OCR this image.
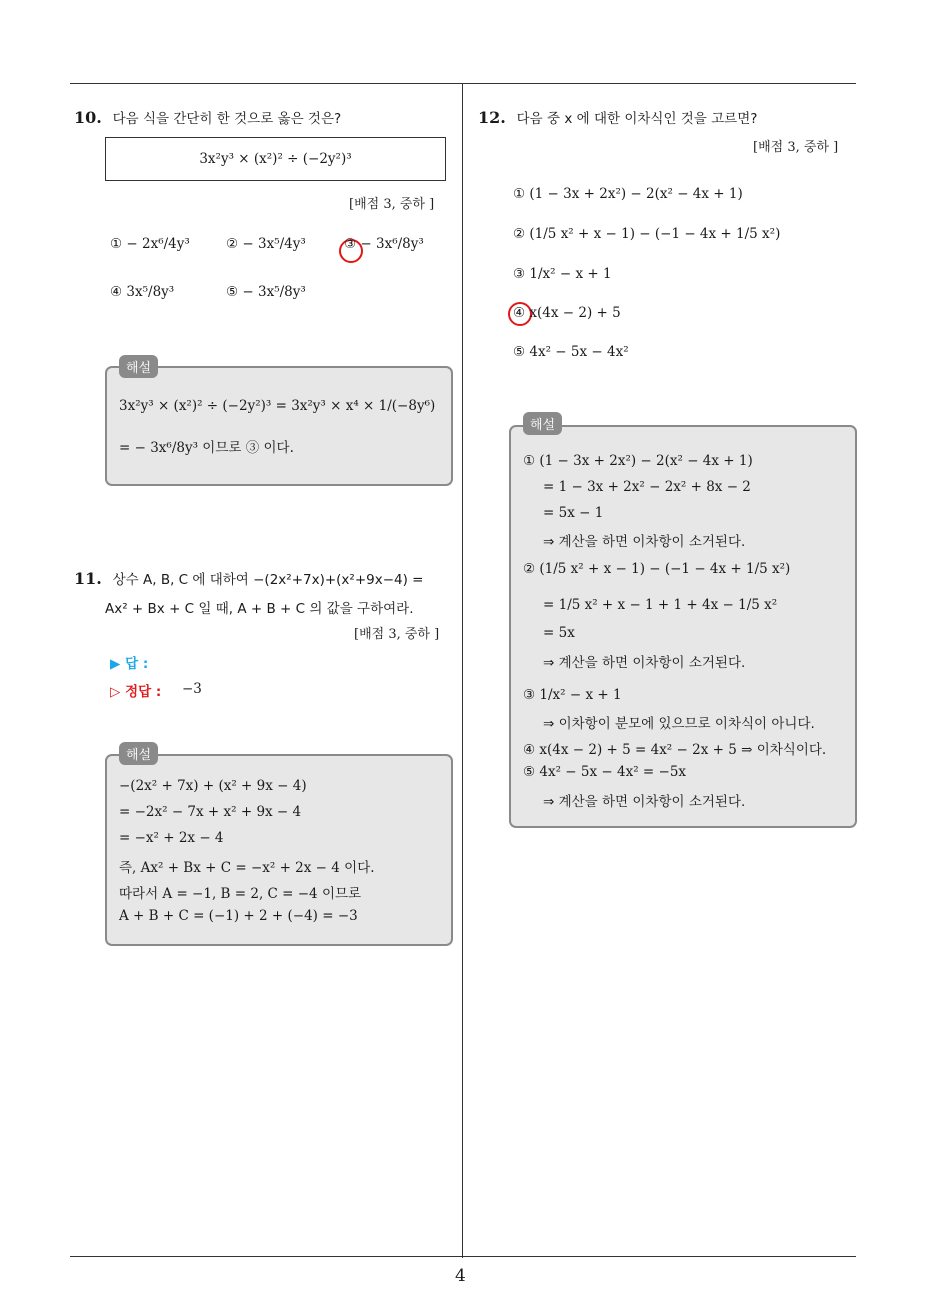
4
10. 다음 식을 간단히 한 것으로 옳은 것은?
3x²y³ × (x²)² ÷ (−2y²)³
[배점 3, 중하 ]
① − 2x⁶/4y³	② − 3x⁵/4y³	③ − 3x⁶/8y³
④ 3x⁵/8y³	⑤ − 3x⁵/8y³
3x²y³ × (x²)² ÷ (−2y²)³ = 3x²y³ × x⁴ × 1/(−8y⁶)
= − 3x⁶/8y³ 이므로 ③ 이다.
해설
11. 상수 A, B, C 에 대하여 −(2x²+7x)+(x²+9x−4) =
Ax² + Bx + C 일 때, A + B + C 의 값을 구하여라.
[배점 3, 중하 ]
▶ 답 :
▷ 정답 : −3
−(2x² + 7x) + (x² + 9x − 4)
= −2x² − 7x + x² + 9x − 4
= −x² + 2x − 4
즉, Ax² + Bx + C = −x² + 2x − 4 이다.
따라서 A = −1, B = 2, C = −4 이므로
A + B + C = (−1) + 2 + (−4) = −3
해설
12. 다음 중 x 에 대한 이차식인 것을 고르면?
[배점 3, 중하 ]
① (1 − 3x + 2x²) − 2(x² − 4x + 1)
② (1/5 x² + x − 1) − (−1 − 4x + 1/5 x²)
③ 1/x² − x + 1
④ x(4x − 2) + 5
⑤ 4x² − 5x − 4x²
① (1 − 3x + 2x²) − 2(x² − 4x + 1)
= 1 − 3x + 2x² − 2x² + 8x − 2
= 5x − 1
⇒ 계산을 하면 이차항이 소거된다.
② (1/5 x² + x − 1) − (−1 − 4x + 1/5 x²)
= 1/5 x² + x − 1 + 1 + 4x − 1/5 x²
= 5x
⇒ 계산을 하면 이차항이 소거된다.
③ 1/x² − x + 1
⇒ 이차항이 분모에 있으므로 이차식이 아니다.
④ x(4x − 2) + 5 = 4x² − 2x + 5 ⇒ 이차식이다.
⑤ 4x² − 5x − 4x² = −5x
⇒ 계산을 하면 이차항이 소거된다.
해설
